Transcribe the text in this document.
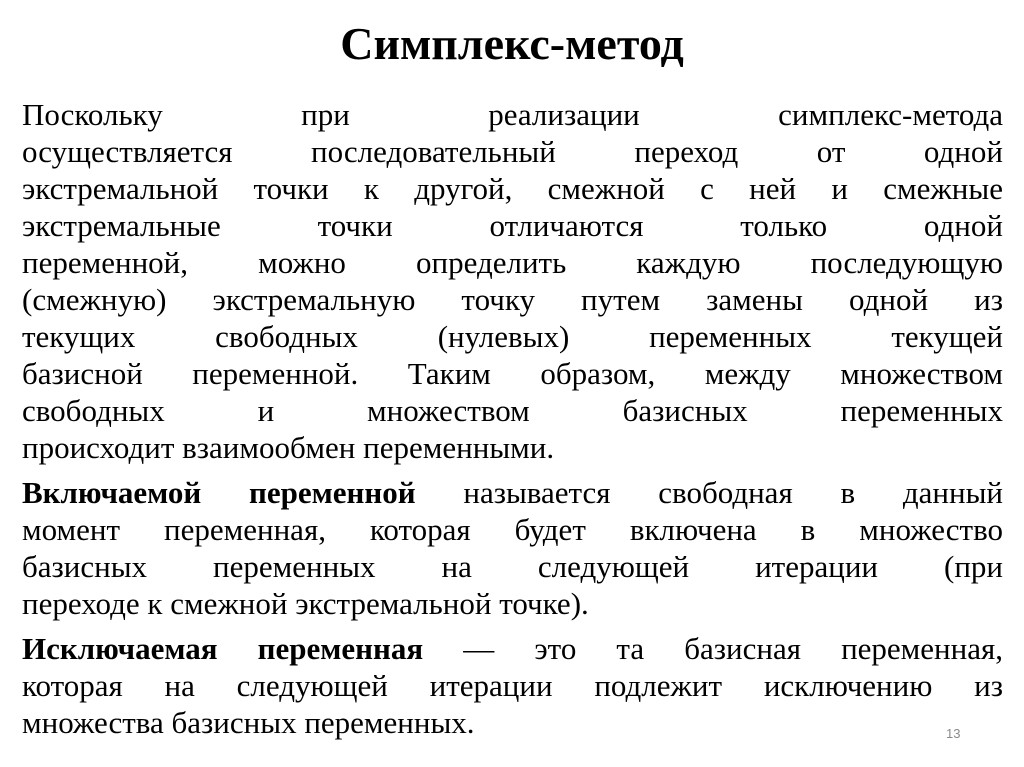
Симплекс-метод
Поскольку при реализации симплекс-метода
осуществляется последовательный переход от одной
экстремальной точки к другой, смежной с ней и смежные
экстремальные точки отличаются только одной
переменной, можно определить каждую последующую
(смежную) экстремальную точку путем замены одной из
текущих свободных (нулевых) переменных текущей
базисной переменной. Таким образом, между множеством
свободных и множеством базисных переменных
происходит взаимообмен переменными.
Включаемой переменной называется свободная в данный
момент переменная, которая будет включена в множество
базисных переменных на следующей итерации (при
переходе к смежной экстремальной точке).
Исключаемая переменная — это та базисная переменная,
которая на следующей итерации подлежит исключению из
множества базисных переменных.	13
